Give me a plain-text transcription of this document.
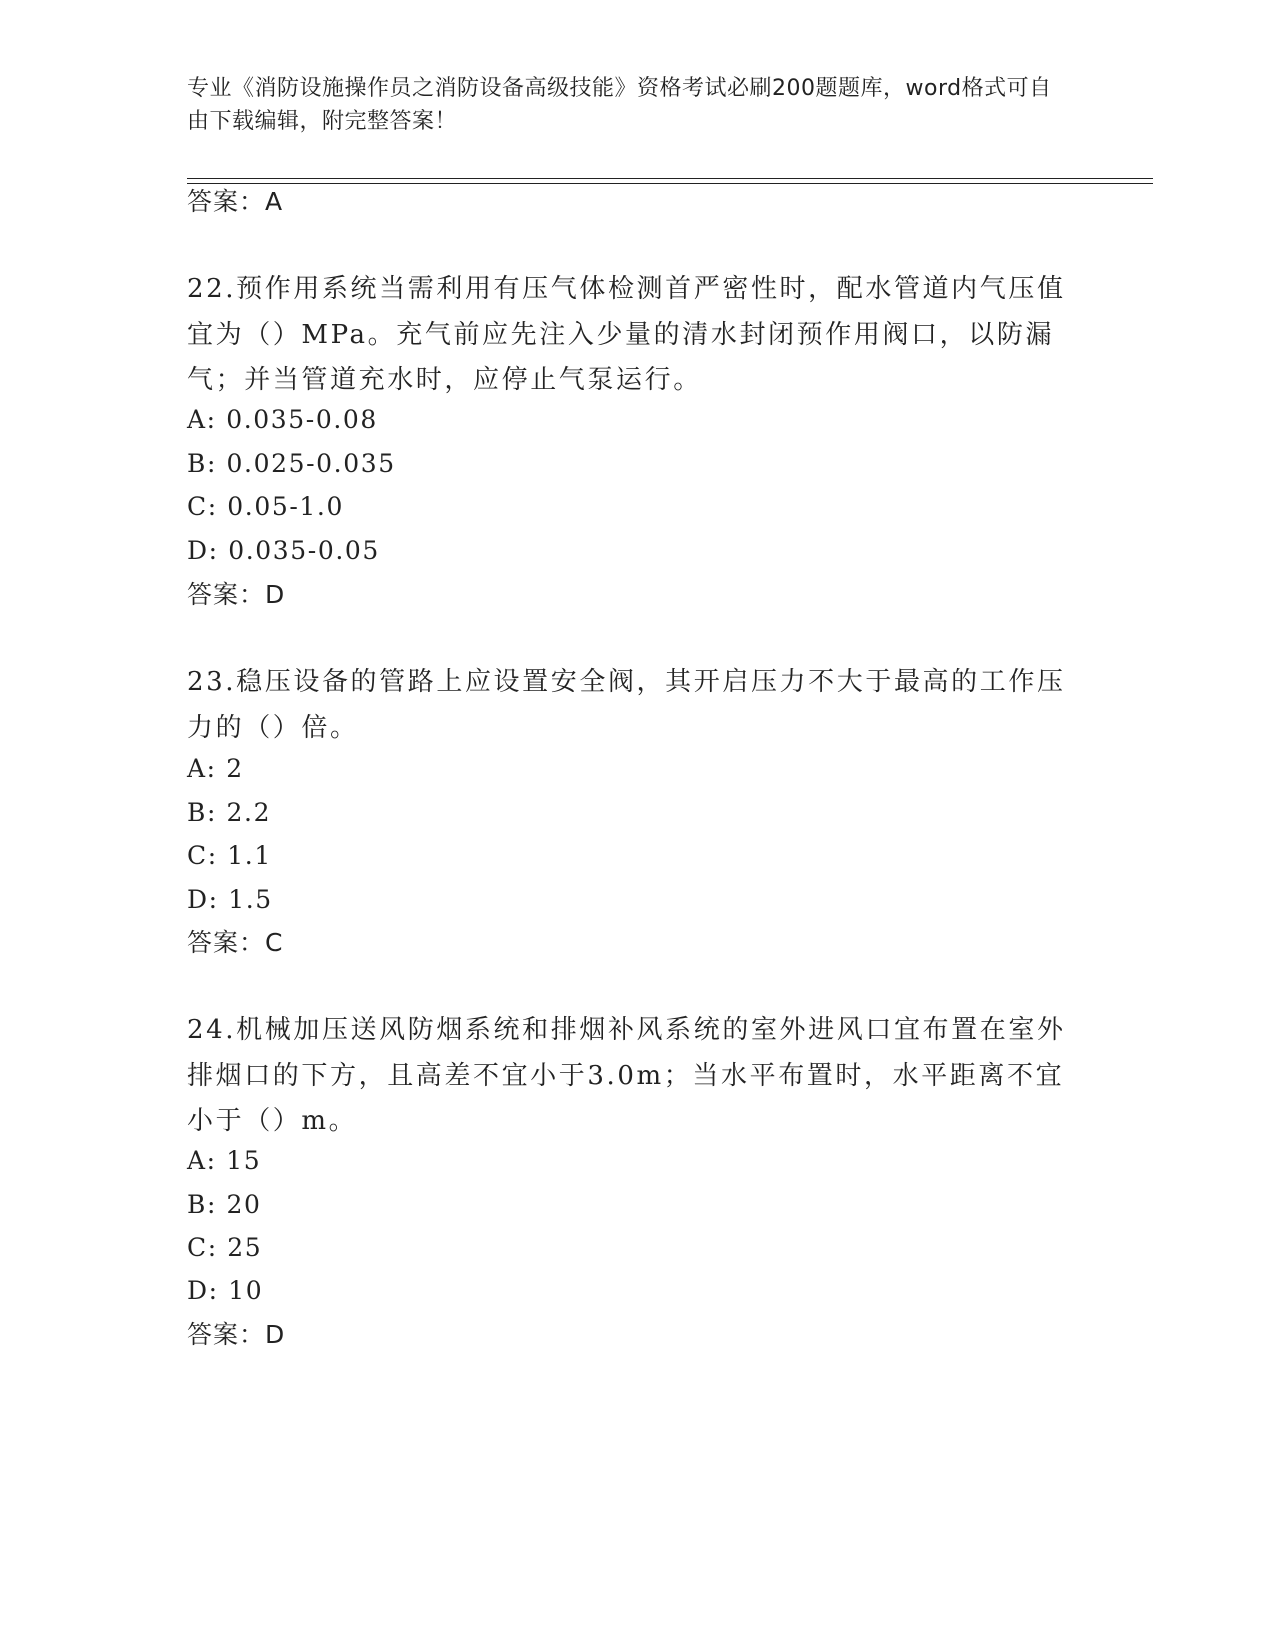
专业《消防设施操作员之消防设备高级技能》资格考试必刷200题题库，word格式可自由下载编辑，附完整答案！
答案：A
22.预作用系统当需利用有压气体检测首严密性时，配水管道内气压值宜为（）MPa。充气前应先注入少量的清水封闭预作用阀口，以防漏气；并当管道充水时，应停止气泵运行。
A: 0.035-0.08
B: 0.025-0.035
C: 0.05-1.0
D: 0.035-0.05
答案：D
23.稳压设备的管路上应设置安全阀，其开启压力不大于最高的工作压力的（）倍。
A: 2
B: 2.2
C: 1.1
D: 1.5
答案：C
24.机械加压送风防烟系统和排烟补风系统的室外进风口宜布置在室外排烟口的下方，且高差不宜小于3.0m；当水平布置时，水平距离不宜小于（）m。
A: 15
B: 20
C: 25
D: 10
答案：D
